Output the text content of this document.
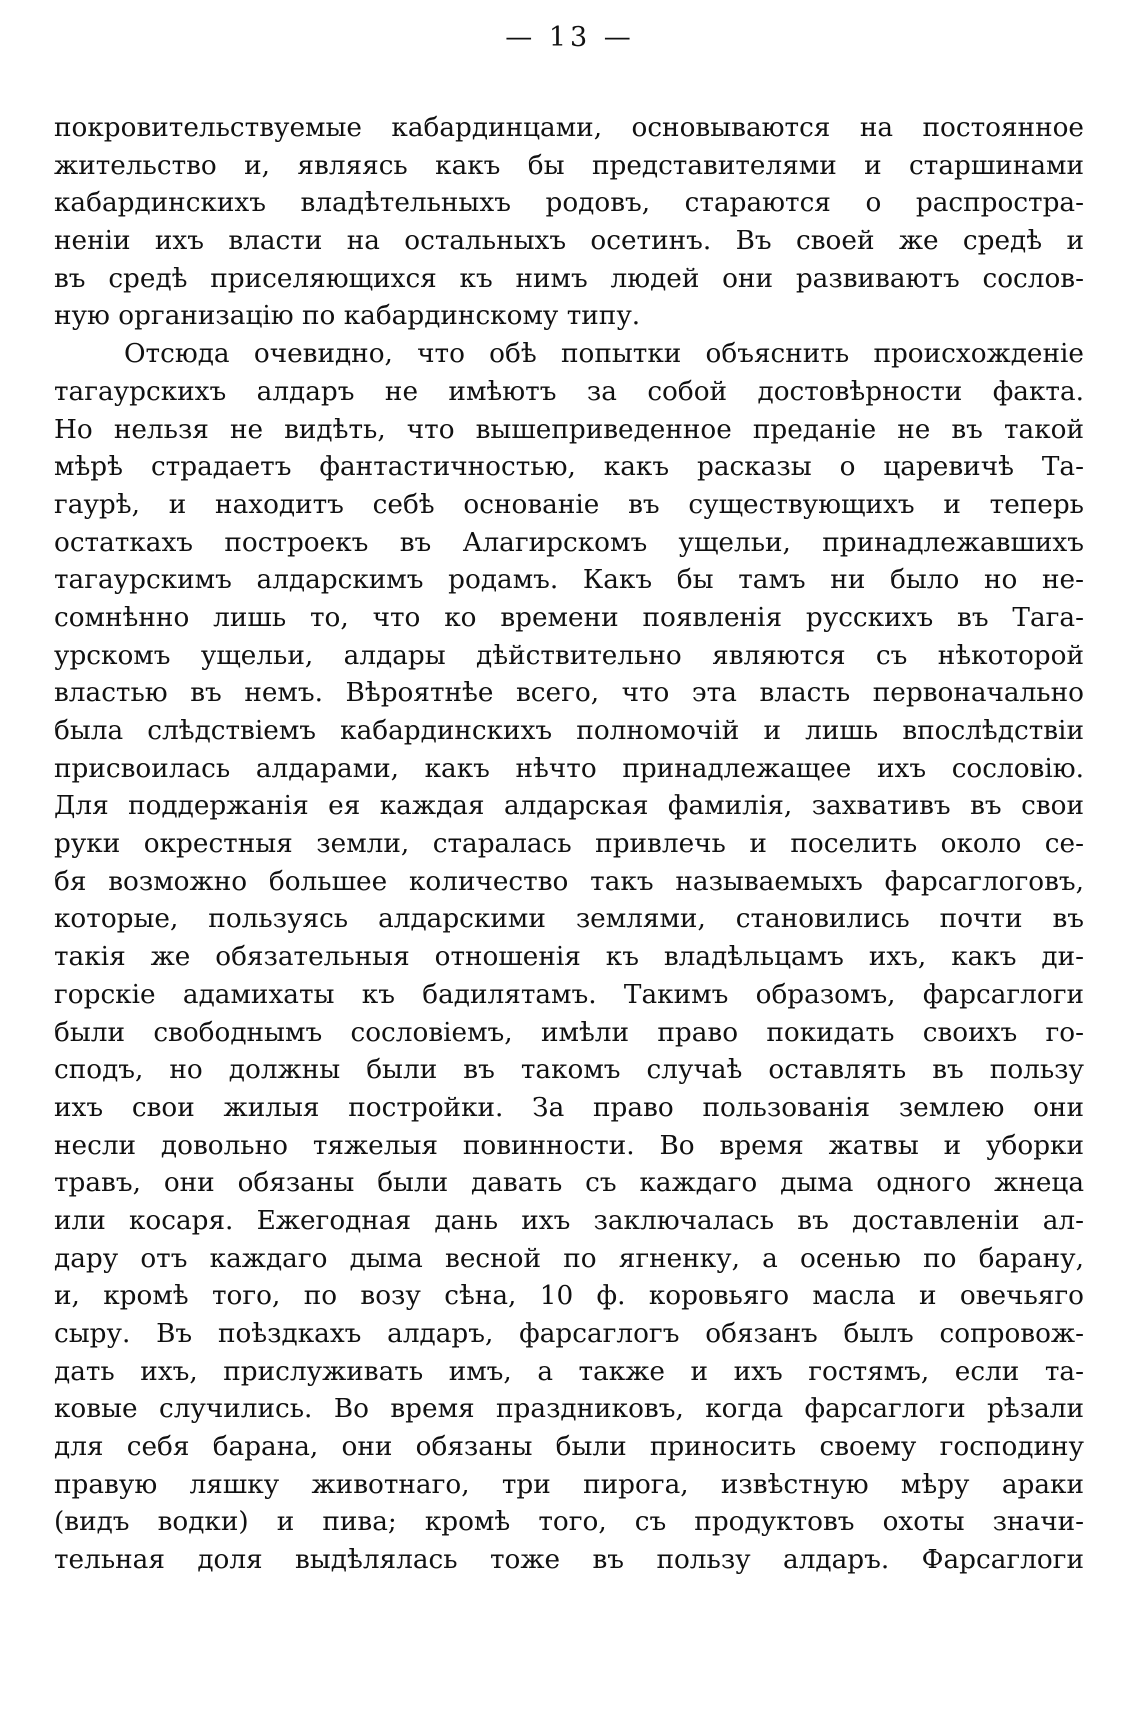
— 13 —
покровительствуемые кабардинцами, основываются на постоянное
жительство и, являясь какъ бы представителями и старшинами
кабардинскихъ владѣтельныхъ родовъ, стараются о распростра-
неніи ихъ власти на остальныхъ осетинъ. Въ своей же средѣ и
въ средѣ приселяющихся къ нимъ людей они развиваютъ сослов-
ную организацію по кабардинскому типу.
Отсюда очевидно, что обѣ попытки объяснить происхожденіе
тагаурскихъ алдаръ не имѣютъ за собой достовѣрности факта.
Но нельзя не видѣть, что вышеприведенное преданіе не въ такой
мѣрѣ страдаетъ фантастичностью, какъ расказы о царевичѣ Та-
гаурѣ, и находитъ себѣ основаніе въ существующихъ и теперь
остаткахъ построекъ въ Алагирскомъ ущельи, принадлежавшихъ
тагаурскимъ алдарскимъ родамъ. Какъ бы тамъ ни было но не-
сомнѣнно лишь то, что ко времени появленія русскихъ въ Тага-
урскомъ ущельи, алдары дѣйствительно являются съ нѣкоторой
властью въ немъ. Вѣроятнѣе всего, что эта власть первоначально
была слѣдствіемъ кабардинскихъ полномочій и лишь впослѣдствіи
присвоилась алдарами, какъ нѣчто принадлежащее ихъ сословію.
Для поддержанія ея каждая алдарская фамилія, захвативъ въ свои
руки окрестныя земли, старалась привлечь и поселить около се-
бя возможно большее количество такъ называемыхъ фарсаглоговъ,
которые, пользуясь алдарскими землями, становились почти въ
такія же обязательныя отношенія къ владѣльцамъ ихъ, какъ ди-
горскіе адамихаты къ бадилятамъ. Такимъ образомъ, фарсаглоги
были свободнымъ сословіемъ, имѣли право покидать своихъ го-
сподъ, но должны были въ такомъ случаѣ оставлять въ пользу
ихъ свои жилыя постройки. За право пользованія землею они
несли довольно тяжелыя повинности. Во время жатвы и уборки
травъ, они обязаны были давать съ каждаго дыма одного жнеца
или косаря. Ежегодная дань ихъ заключалась въ доставленіи ал-
дару отъ каждаго дыма весной по ягненку, а осенью по барану,
и, кромѣ того, по возу сѣна, 10 ф. коровьяго масла и овечьяго
сыру. Въ поѣздкахъ алдаръ, фарсаглогъ обязанъ былъ сопровож-
дать ихъ, прислуживать имъ, а также и ихъ гостямъ, если та-
ковые случились. Во время праздниковъ, когда фарсаглоги рѣзали
для себя барана, они обязаны были приносить своему господину
правую ляшку животнаго, три пирога, извѣстную мѣру араки
(видъ водки) и пива; кромѣ того, съ продуктовъ охоты значи-
тельная доля выдѣлялась тоже въ пользу алдаръ. Фарсаглоги
